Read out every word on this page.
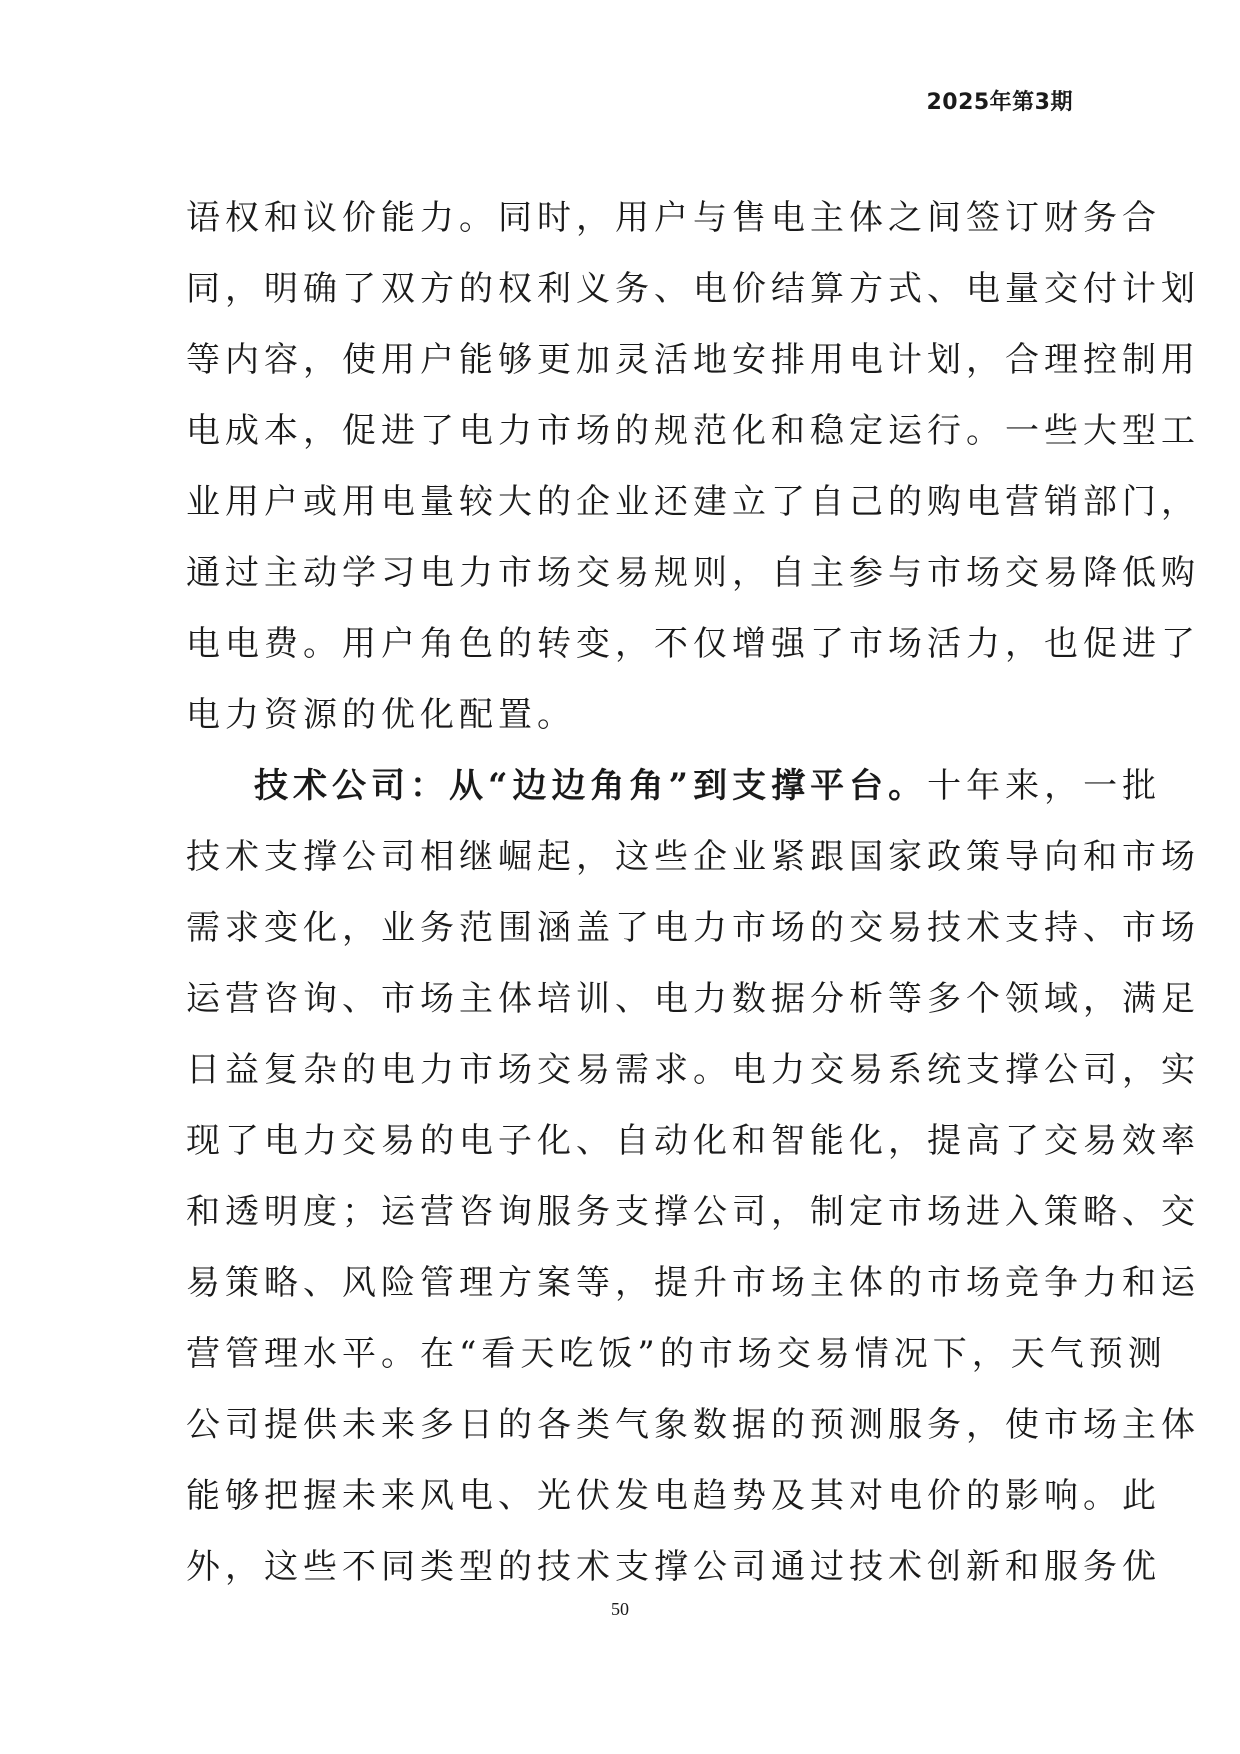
2025年第3期
语权和议价能力。同时，用户与售电主体之间签订财务合
同，明确了双方的权利义务、电价结算方式、电量交付计划
等内容，使用户能够更加灵活地安排用电计划，合理控制用
电成本，促进了电力市场的规范化和稳定运行。一些大型工
业用户或用电量较大的企业还建立了自己的购电营销部门，
通过主动学习电力市场交易规则，自主参与市场交易降低购
电电费。用户角色的转变，不仅增强了市场活力，也促进了
电力资源的优化配置。
技术公司：从“边边角角”到支撑平台。十年来，一批
技术支撑公司相继崛起，这些企业紧跟国家政策导向和市场
需求变化，业务范围涵盖了电力市场的交易技术支持、市场
运营咨询、市场主体培训、电力数据分析等多个领域，满足
日益复杂的电力市场交易需求。电力交易系统支撑公司，实
现了电力交易的电子化、自动化和智能化，提高了交易效率
和透明度；运营咨询服务支撑公司，制定市场进入策略、交
易策略、风险管理方案等，提升市场主体的市场竞争力和运
营管理水平。在“看天吃饭”的市场交易情况下，天气预测
公司提供未来多日的各类气象数据的预测服务，使市场主体
能够把握未来风电、光伏发电趋势及其对电价的影响。此
外，这些不同类型的技术支撑公司通过技术创新和服务优
50
